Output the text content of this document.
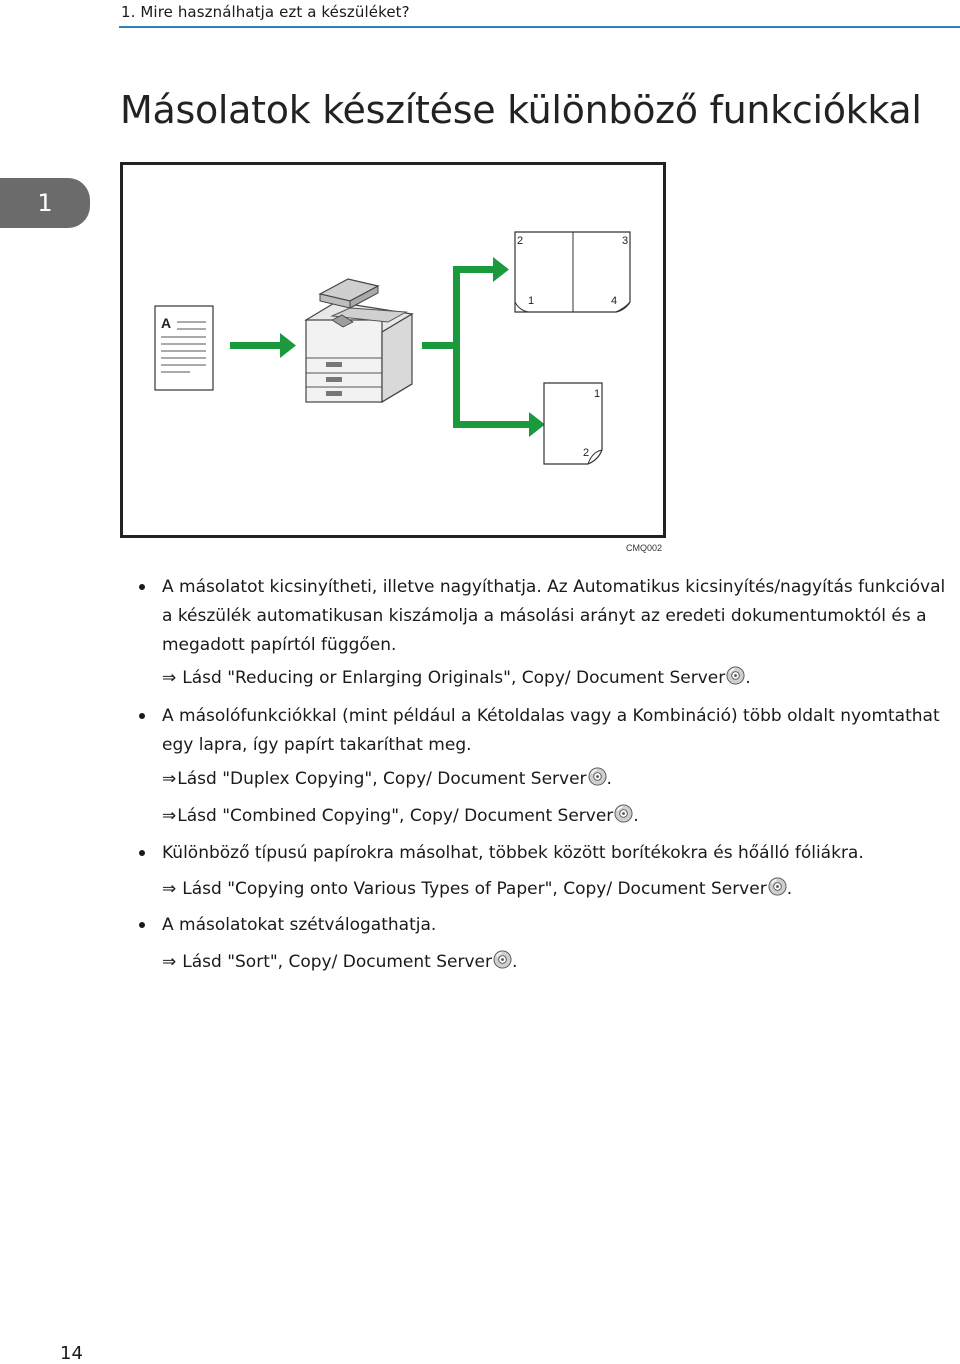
1. Mire használhatja ezt a készüléket?
Másolatok készítése különböző funkciókkal
1
A
2	3
1	4
1
2
CMQ002
A másolatot kicsinyítheti, illetve nagyíthatja. Az Automatikus kicsinyítés/nagyítás funkcióval a készülék automatikusan kiszámolja a másolási arányt az eredeti dokumentumoktól és a megadott papírtól függően.
⇒ Lásd "Reducing or Enlarging Originals", Copy/ Document Server .
A másolófunkciókkal (mint például a Kétoldalas vagy a Kombináció) több oldalt nyomtathat egy lapra, így papírt takaríthat meg.
⇒Lásd "Duplex Copying", Copy/ Document Server .
⇒Lásd "Combined Copying", Copy/ Document Server .
Különböző típusú papírokra másolhat, többek között borítékokra és hőálló fóliákra.
⇒ Lásd "Copying onto Various Types of Paper", Copy/ Document Server .
A másolatokat szétválogathatja.
⇒ Lásd "Sort", Copy/ Document Server .
14
